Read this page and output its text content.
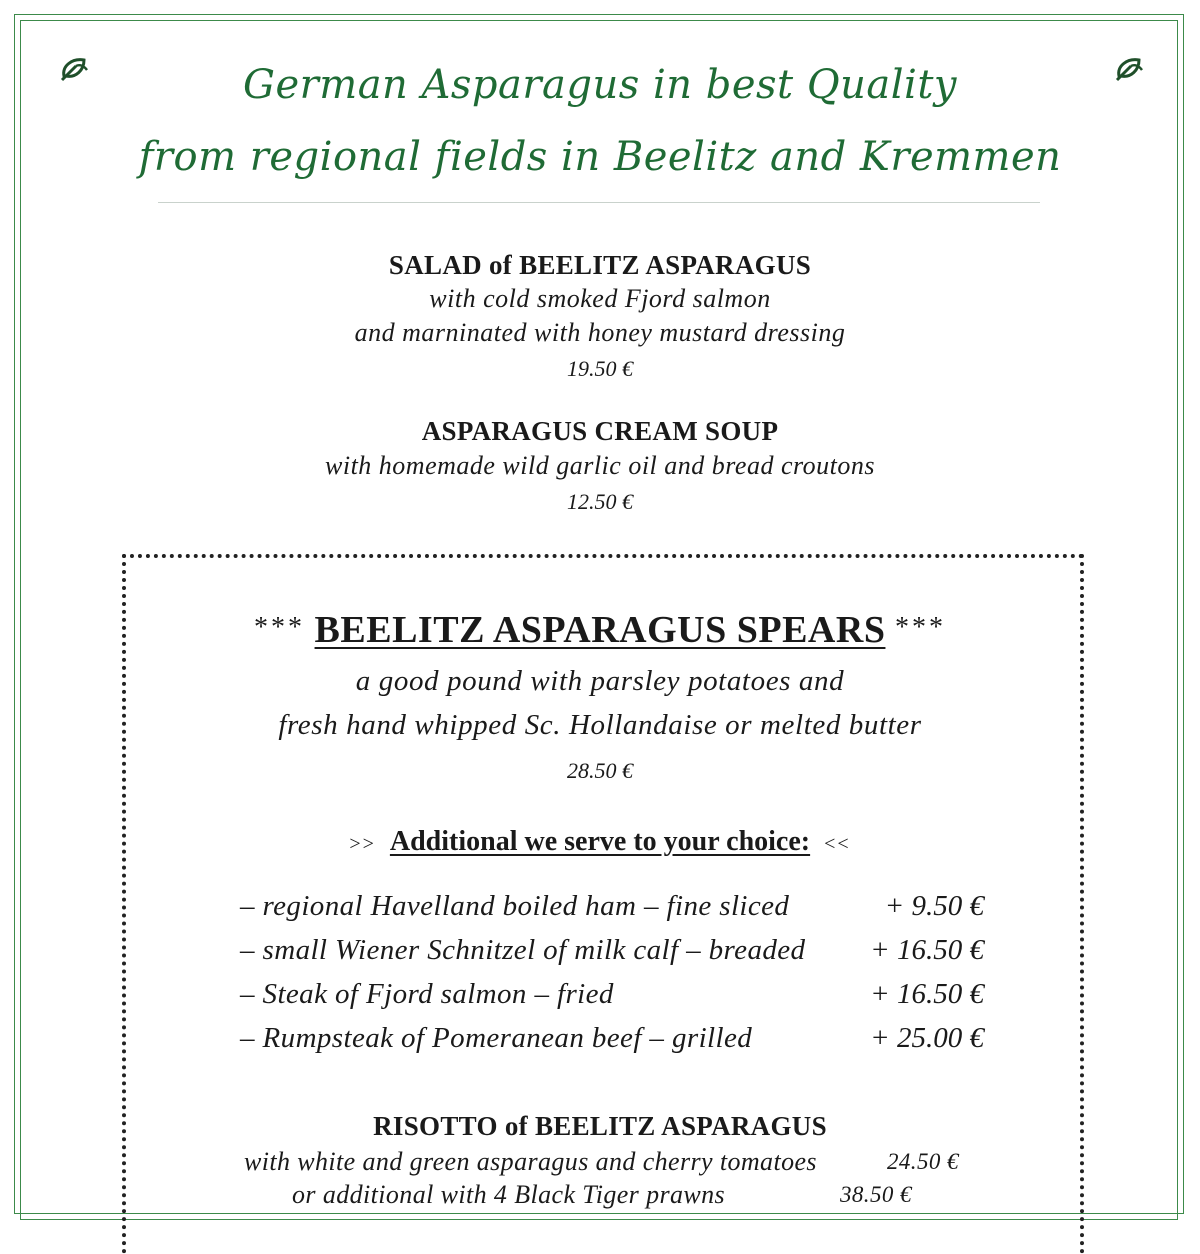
German Asparagus in best Quality
from regional fields in Beelitz and Kremmen
SALAD of BEELITZ ASPARAGUS
with cold smoked Fjord salmon
and marninated with honey mustard dressing
19.50 €
ASPARAGUS CREAM SOUP
with homemade wild garlic oil and bread croutons
12.50 €
*** BEELITZ ASPARAGUS SPEARS ***
a good pound with parsley potatoes and
fresh hand whipped Sc. Hollandaise or melted butter
28.50 €
>> Additional we serve to your choice: <<
– regional Havelland boiled ham – fine sliced	+ 9.50 €
– small Wiener Schnitzel of milk calf – breaded + 16.50 €
– Steak of Fjord salmon – fried	+ 16.50 €
– Rumpsteak of Pomeranean beef – grilled	+ 25.00 €
RISOTTO of BEELITZ ASPARAGUS
with white and green asparagus and cherry tomatoes	24.50 €
or additional with 4 Black Tiger prawns	38.50 €
